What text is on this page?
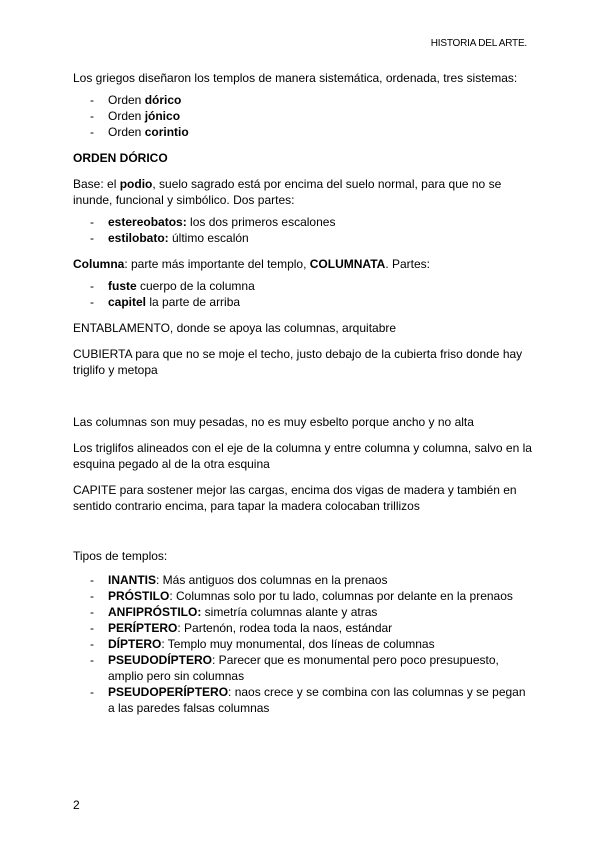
HISTORIA DEL ARTE.

Los griegos diseñaron los templos de manera sistemática, ordenada, tres sistemas:

- Orden dórico
- Orden jónico
- Orden corintio

ORDEN DÓRICO

Base: el podio, suelo sagrado está por encima del suelo normal, para que no se inunde, funcional y simbólico. Dos partes:

- estereobatos: los dos primeros escalones
- estilobato: último escalón

Columna: parte más importante del templo, COLUMNATA. Partes:

- fuste cuerpo de la columna
- capitel la parte de arriba

ENTABLAMENTO, donde se apoya las columnas, arquitabre

CUBIERTA para que no se moje el techo, justo debajo de la cubierta friso donde hay triglifo y metopa

Las columnas son muy pesadas, no es muy esbelto porque ancho y no alta

Los triglifos alineados con el eje de la columna y entre columna y columna, salvo en la esquina pegado al de la otra esquina

CAPITE para sostener mejor las cargas, encima dos vigas de madera y también en sentido contrario encima, para tapar la madera colocaban trillizos

Tipos de templos:

- INANTIS: Más antiguos dos columnas en la prenaos
- PRÓSTILO: Columnas solo por tu lado, columnas por delante en la prenaos
- ANFIPRÓSTILO: simetría columnas alante y atras
- PERÍPTERO: Partenón, rodea toda la naos, estándar
- DÍPTERO: Templo muy monumental, dos líneas de columnas
- PSEUDODÍPTERO: Parecer que es monumental pero poco presupuesto, amplio pero sin columnas
- PSEUDOPERÍPTERO: naos crece y se combina con las columnas y se pegan a las paredes falsas columnas
2
